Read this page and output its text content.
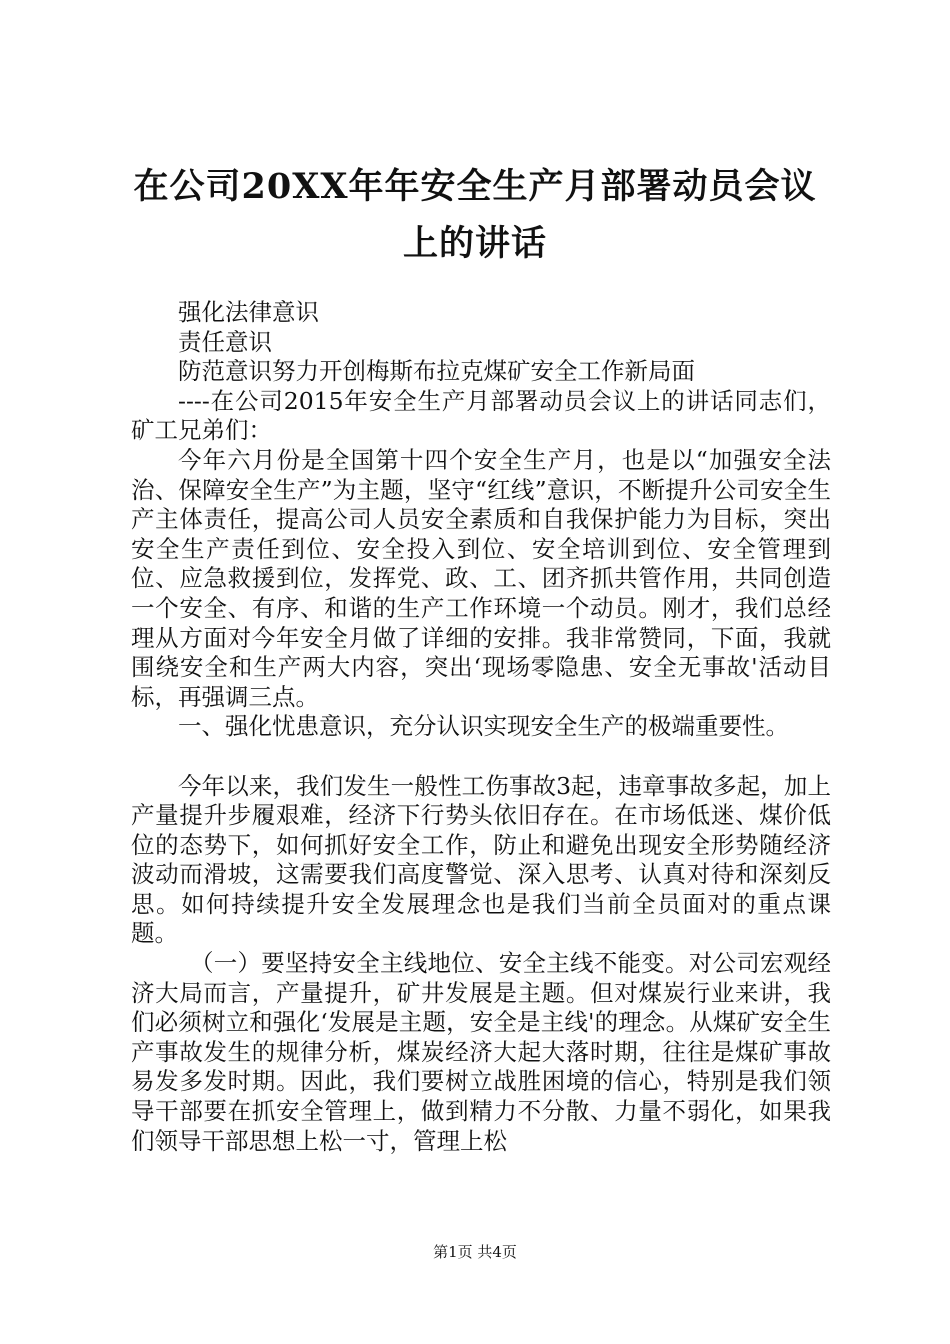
在公司20XX年年安全生产月部署动员会议上的讲话

强化法律意识

责任意识

防范意识努力开创梅斯布拉克煤矿安全工作新局面

----在公司2015年安全生产月部署动员会议上的讲话同志们，矿工兄弟们：

今年六月份是全国第十四个安全生产月，也是以“加强安全法治、保障安全生产”为主题，坚守“红线”意识，不断提升公司安全生产主体责任，提高公司人员安全素质和自我保护能力为目标，突出安全生产责任到位、安全投入到位、安全培训到位、安全管理到位、应急救援到位，发挥党、政、工、团齐抓共管作用，共同创造一个安全、有序、和谐的生产工作环境一个动员。刚才，我们总经理从方面对今年安全月做了详细的安排。我非常赞同，下面，我就围绕安全和生产两大内容，突出‘现场零隐患、安全无事故'活动目标，再强调三点。

一、强化忧患意识，充分认识实现安全生产的极端重要性。

今年以来，我们发生一般性工伤事故3起，违章事故多起，加上产量提升步履艰难，经济下行势头依旧存在。在市场低迷、煤价低位的态势下，如何抓好安全工作，防止和避免出现安全形势随经济波动而滑坡，这需要我们高度警觉、深入思考、认真对待和深刻反思。如何持续提升安全发展理念也是我们当前全员面对的重点课题。

（一）要坚持安全主线地位、安全主线不能变。对公司宏观经济大局而言，产量提升，矿井发展是主题。但对煤炭行业来讲，我们必须树立和强化‘发展是主题，安全是主线'的理念。从煤矿安全生产事故发生的规律分析，煤炭经济大起大落时期，往往是煤矿事故易发多发时期。因此，我们要树立战胜困境的信心，特别是我们领导干部要在抓安全管理上，做到精力不分散、力量不弱化，如果我们领导干部思想上松一寸，管理上松

第1页 共4页
